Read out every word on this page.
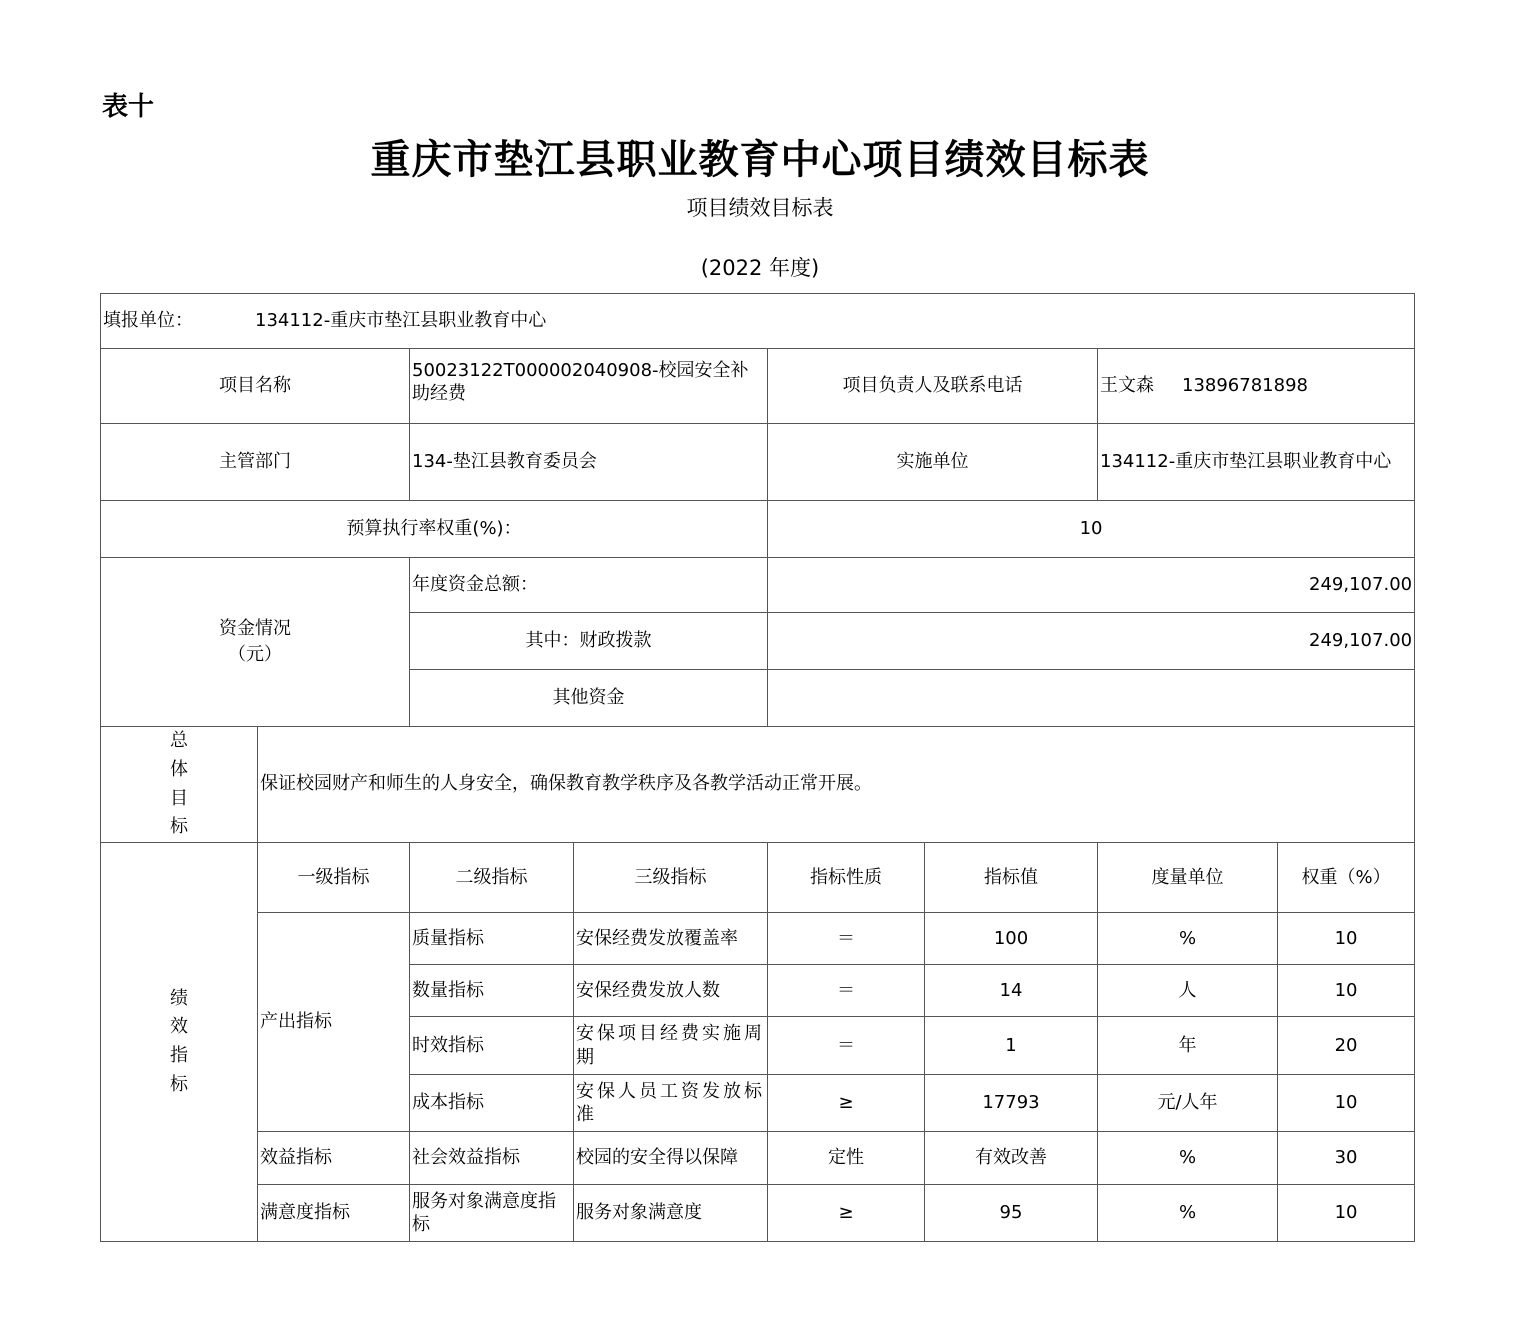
表十
重庆市垫江县职业教育中心项目绩效目标表
项目绩效目标表
(2022 年度)
填报单位： 134112-重庆市垫江县职业教育中心							
项目名称		50023122T000002040908-校园安全补助经费		项目负责人及联系电话		王文森 13896781898	
主管部门		134-垫江县教育委员会		实施单位		134112-重庆市垫江县职业教育中心	
预算执行率权重(%)：				10			

资金情况
（元）		年度资金总额：		249,107.00			
		其中：财政拨款		249,107.00			
		其他资金					

总
体
目
标	保证校园财产和师生的人身安全，确保教育教学秩序及各教学活动正常开展。						

绩
效
指
标	一级指标	二级指标	三级指标	指标性质	指标值	度量单位	权重（%）
	产出指标	质量指标	安保经费发放覆盖率	＝	100	%	10
		数量指标	安保经费发放人数	＝	14	人	10
		时效指标	安保项目经费实施周期	＝	1	年	20
		成本指标	安保人员工资发放标准	≥	17793	元/人年	10
	效益指标	社会效益指标	校园的安全得以保障	定性	有效改善	%	30
	满意度指标	服务对象满意度指标	服务对象满意度	≥	95	%	10
